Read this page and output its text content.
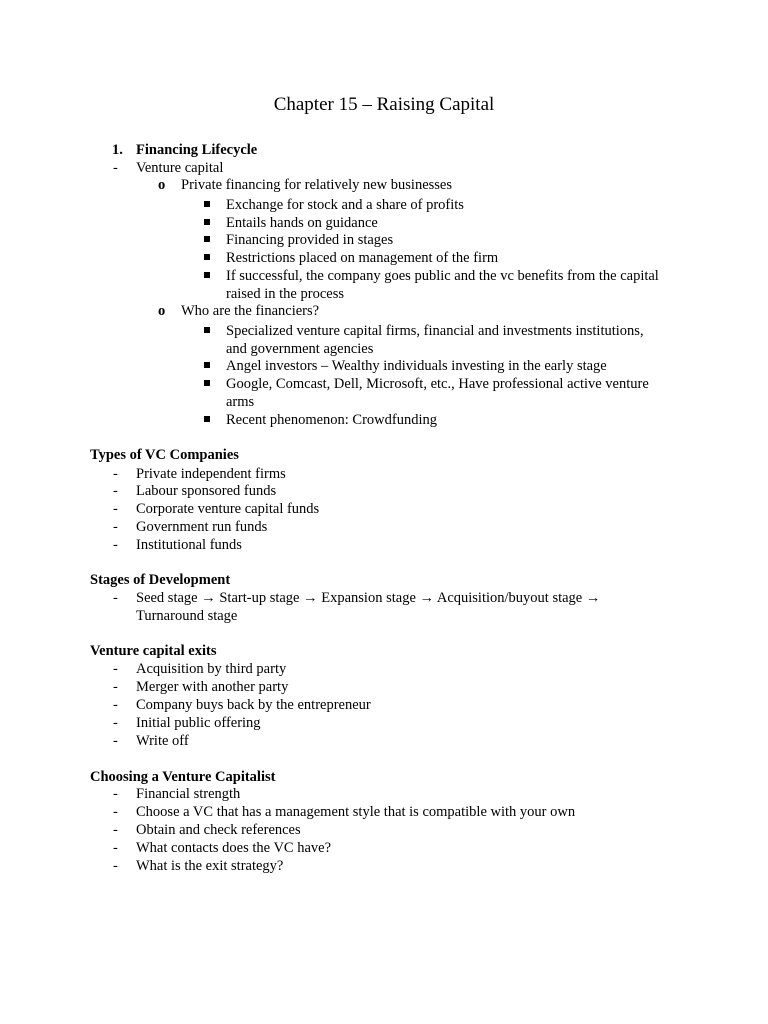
Chapter 15 – Raising Capital
1. Financing Lifecycle
- Venture capital
o Private financing for relatively new businesses
Exchange for stock and a share of profits
Entails hands on guidance
Financing provided in stages
Restrictions placed on management of the firm
If successful, the company goes public and the vc benefits from the capital
raised in the process
o Who are the financiers?
Specialized venture capital firms, financial and investments institutions,
and government agencies
Angel investors – Wealthy individuals investing in the early stage
Google, Comcast, Dell, Microsoft, etc., Have professional active venture
arms
Recent phenomenon: Crowdfunding
Types of VC Companies
- Private independent firms
- Labour sponsored funds
- Corporate venture capital funds
- Government run funds
- Institutional funds
Stages of Development
- Seed stage → Start-up stage → Expansion stage → Acquisition/buyout stage →
Turnaround stage
Venture capital exits
- Acquisition by third party
- Merger with another party
- Company buys back by the entrepreneur
- Initial public offering
- Write off
Choosing a Venture Capitalist
- Financial strength
- Choose a VC that has a management style that is compatible with your own
- Obtain and check references
- What contacts does the VC have?
- What is the exit strategy?
